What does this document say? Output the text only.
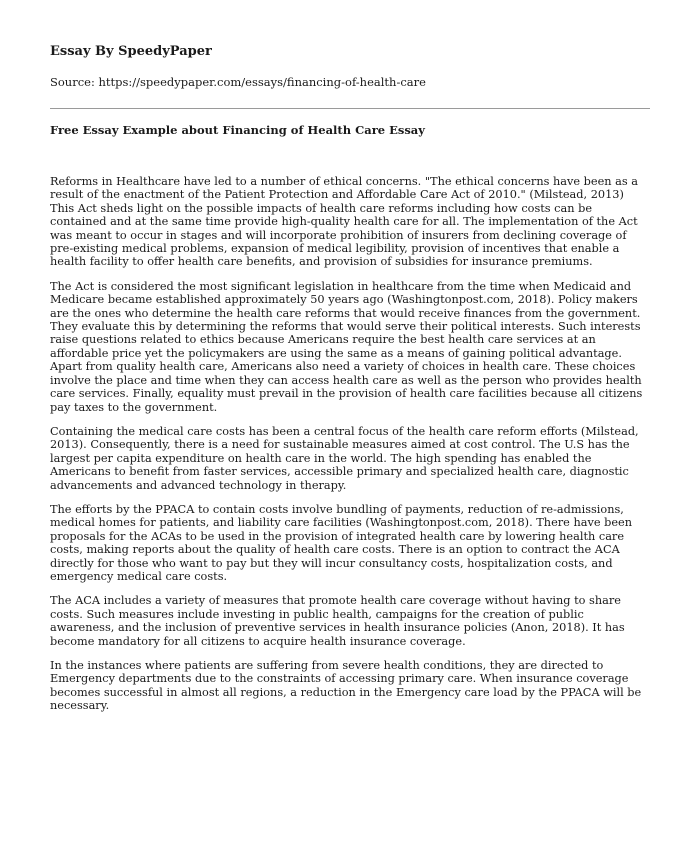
Essay By SpeedyPaper
Source: https://speedypaper.com/essays/financing-of-health-care
Free Essay Example about Financing of Health Care Essay

Reforms in Healthcare have led to a number of ethical concerns. "The ethical concerns have been as a result of the enactment of the Patient Protection and Affordable Care Act of 2010." (Milstead, 2013) This Act sheds light on the possible impacts of health care reforms including how costs can be contained and at the same time provide high-quality health care for all. The implementation of the Act was meant to occur in stages and will incorporate prohibition of insurers from declining coverage of pre-existing medical problems, expansion of medical legibility, provision of incentives that enable a health facility to offer health care benefits, and provision of subsidies for insurance premiums.

The Act is considered the most significant legislation in healthcare from the time when Medicaid and Medicare became established approximately 50 years ago (Washingtonpost.com, 2018). Policy makers are the ones who determine the health care reforms that would receive finances from the government. They evaluate this by determining the reforms that would serve their political interests. Such interests raise questions related to ethics because Americans require the best health care services at an affordable price yet the policymakers are using the same as a means of gaining political advantage. Apart from quality health care, Americans also need a variety of choices in health care. These choices involve the place and time when they can access health care as well as the person who provides health care services. Finally, equality must prevail in the provision of health care facilities because all citizens pay taxes to the government.

Containing the medical care costs has been a central focus of the health care reform efforts (Milstead, 2013). Consequently, there is a need for sustainable measures aimed at cost control. The U.S has the largest per capita expenditure on health care in the world. The high spending has enabled the Americans to benefit from faster services, accessible primary and specialized health care, diagnostic advancements and advanced technology in therapy.

The efforts by the PPACA to contain costs involve bundling of payments, reduction of re-admissions, medical homes for patients, and liability care facilities (Washingtonpost.com, 2018). There have been proposals for the ACAs to be used in the provision of integrated health care by lowering health care costs, making reports about the quality of health care costs. There is an option to contract the ACA directly for those who want to pay but they will incur consultancy costs, hospitalization costs, and emergency medical care costs.

The ACA includes a variety of measures that promote health care coverage without having to share costs. Such measures include investing in public health, campaigns for the creation of public awareness, and the inclusion of preventive services in health insurance policies (Anon, 2018). It has become mandatory for all citizens to acquire health insurance coverage.

In the instances where patients are suffering from severe health conditions, they are directed to Emergency departments due to the constraints of accessing primary care. When insurance coverage becomes successful in almost all regions, a reduction in the Emergency care load by the PPACA will be necessary.
